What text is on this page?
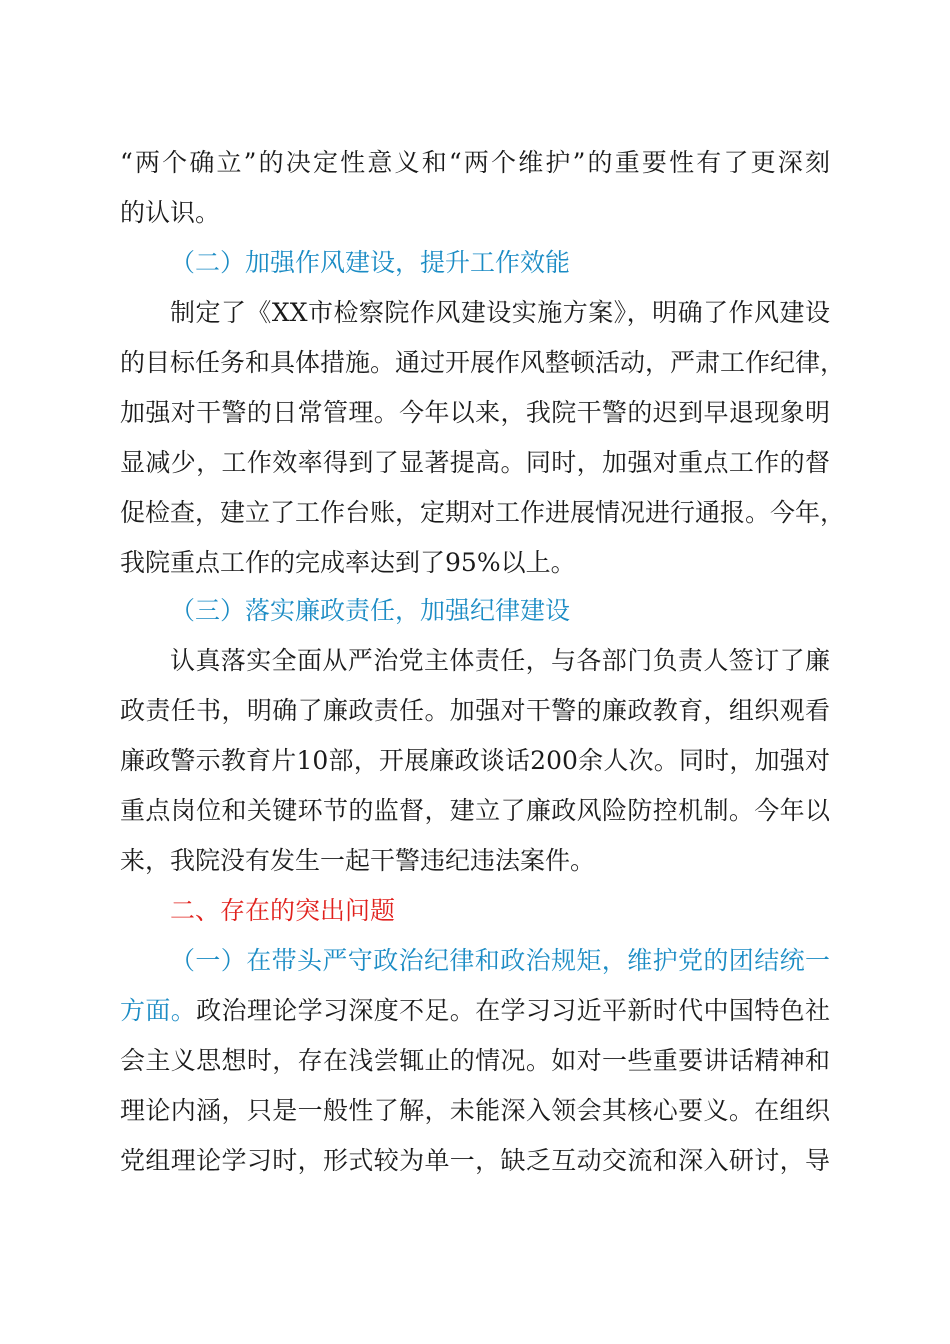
“两个确立”的决定性意义和“两个维护”的重要性有了更深刻
的认识。
（二）加强作风建设，提升工作效能
制定了《XX市检察院作风建设实施方案》，明确了作风建设
的目标任务和具体措施。通过开展作风整顿活动，严肃工作纪律，
加强对干警的日常管理。今年以来，我院干警的迟到早退现象明
显减少，工作效率得到了显著提高。同时，加强对重点工作的督
促检查，建立了工作台账，定期对工作进展情况进行通报。今年，
我院重点工作的完成率达到了95%以上。
（三）落实廉政责任，加强纪律建设
认真落实全面从严治党主体责任，与各部门负责人签订了廉
政责任书，明确了廉政责任。加强对干警的廉政教育，组织观看
廉政警示教育片10部，开展廉政谈话200余人次。同时，加强对
重点岗位和关键环节的监督，建立了廉政风险防控机制。今年以
来，我院没有发生一起干警违纪违法案件。
二、存在的突出问题
（一）在带头严守政治纪律和政治规矩，维护党的团结统一
方面。政治理论学习深度不足。在学习习近平新时代中国特色社
会主义思想时，存在浅尝辄止的情况。如对一些重要讲话精神和
理论内涵，只是一般性了解，未能深入领会其核心要义。在组织
党组理论学习时，形式较为单一，缺乏互动交流和深入研讨，导
